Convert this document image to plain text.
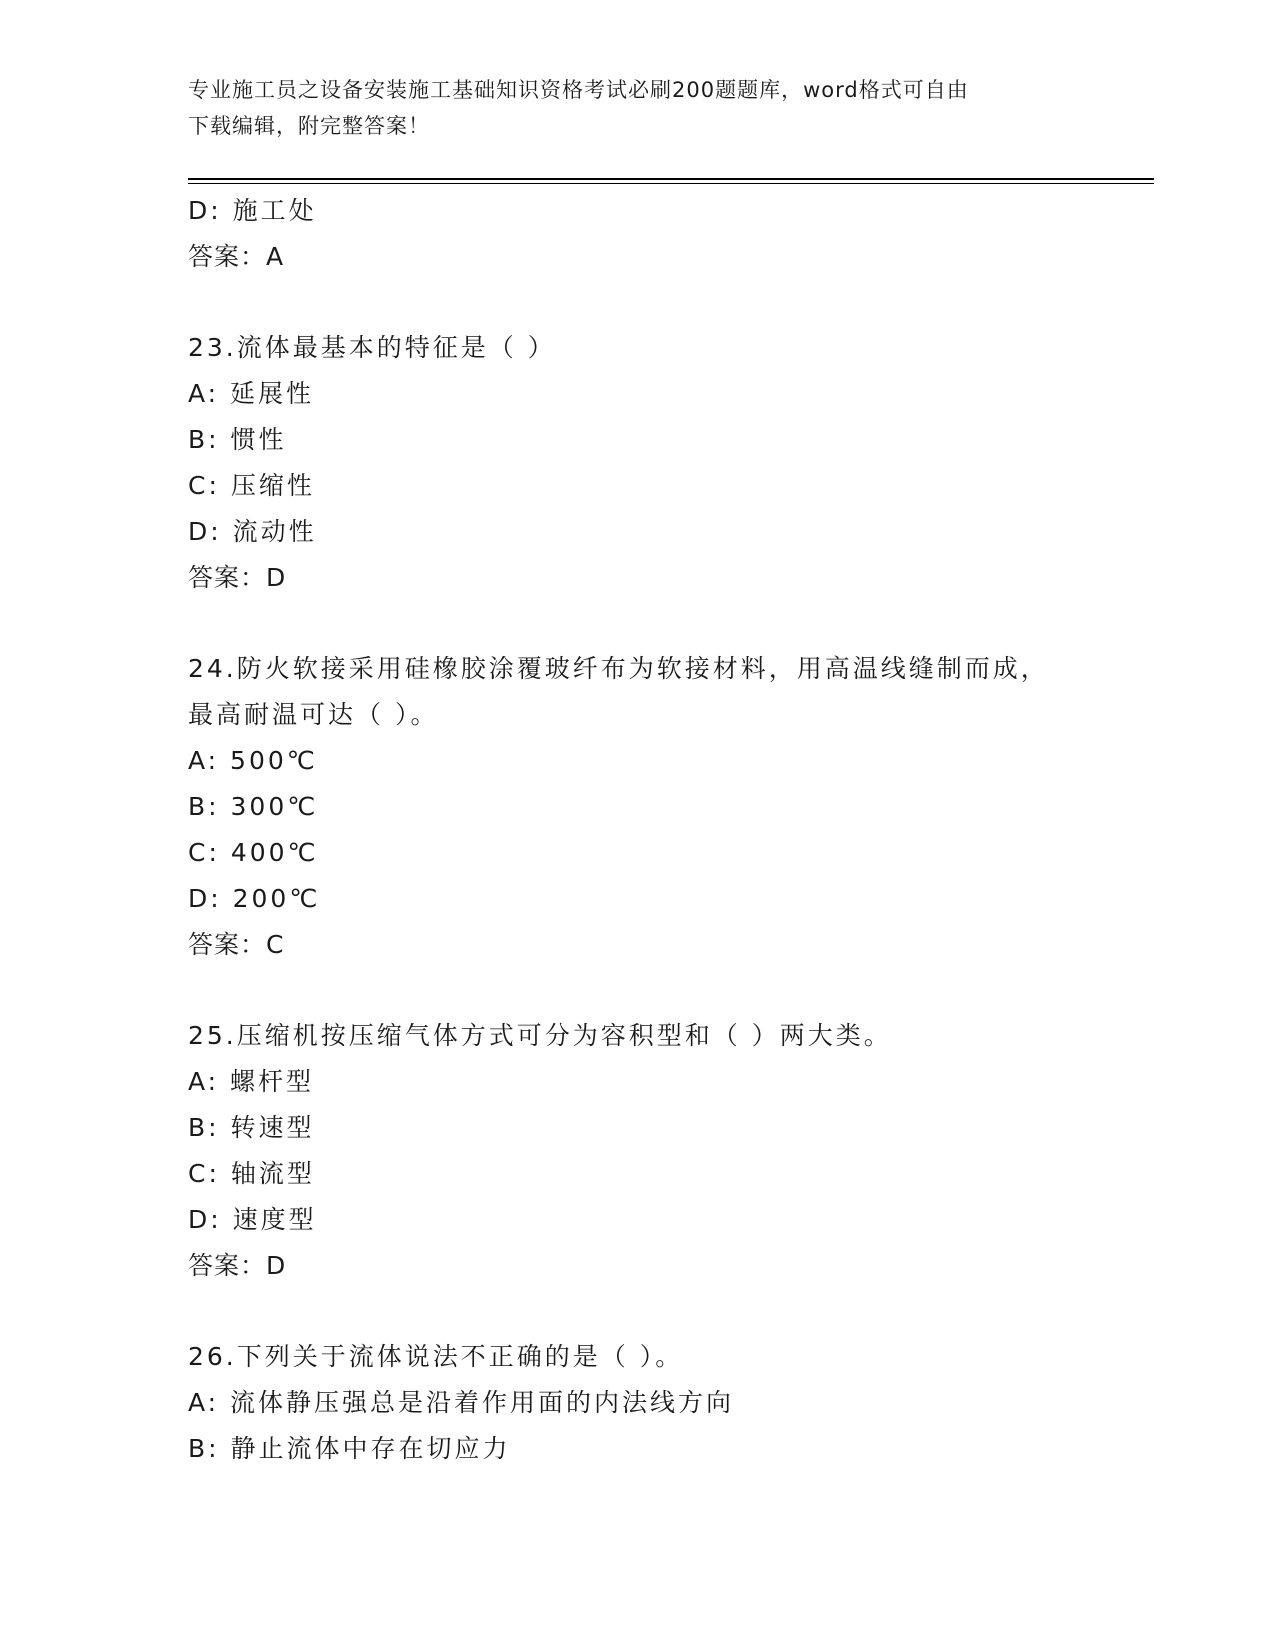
专业施工员之设备安装施工基础知识资格考试必刷200题题库，word格式可自由
下载编辑，附完整答案！
D: 施工处
答案：A
23.流体最基本的特征是（ ）
A: 延展性
B: 惯性
C: 压缩性
D: 流动性
答案：D
24.防火软接采用硅橡胶涂覆玻纤布为软接材料，用高温线缝制而成，
最高耐温可达（ ）。
A: 500℃
B: 300℃
C: 400℃
D: 200℃
答案：C
25.压缩机按压缩气体方式可分为容积型和（ ）两大类。
A: 螺杆型
B: 转速型
C: 轴流型
D: 速度型
答案：D
26.下列关于流体说法不正确的是（ ）。
A: 流体静压强总是沿着作用面的内法线方向
B: 静止流体中存在切应力
